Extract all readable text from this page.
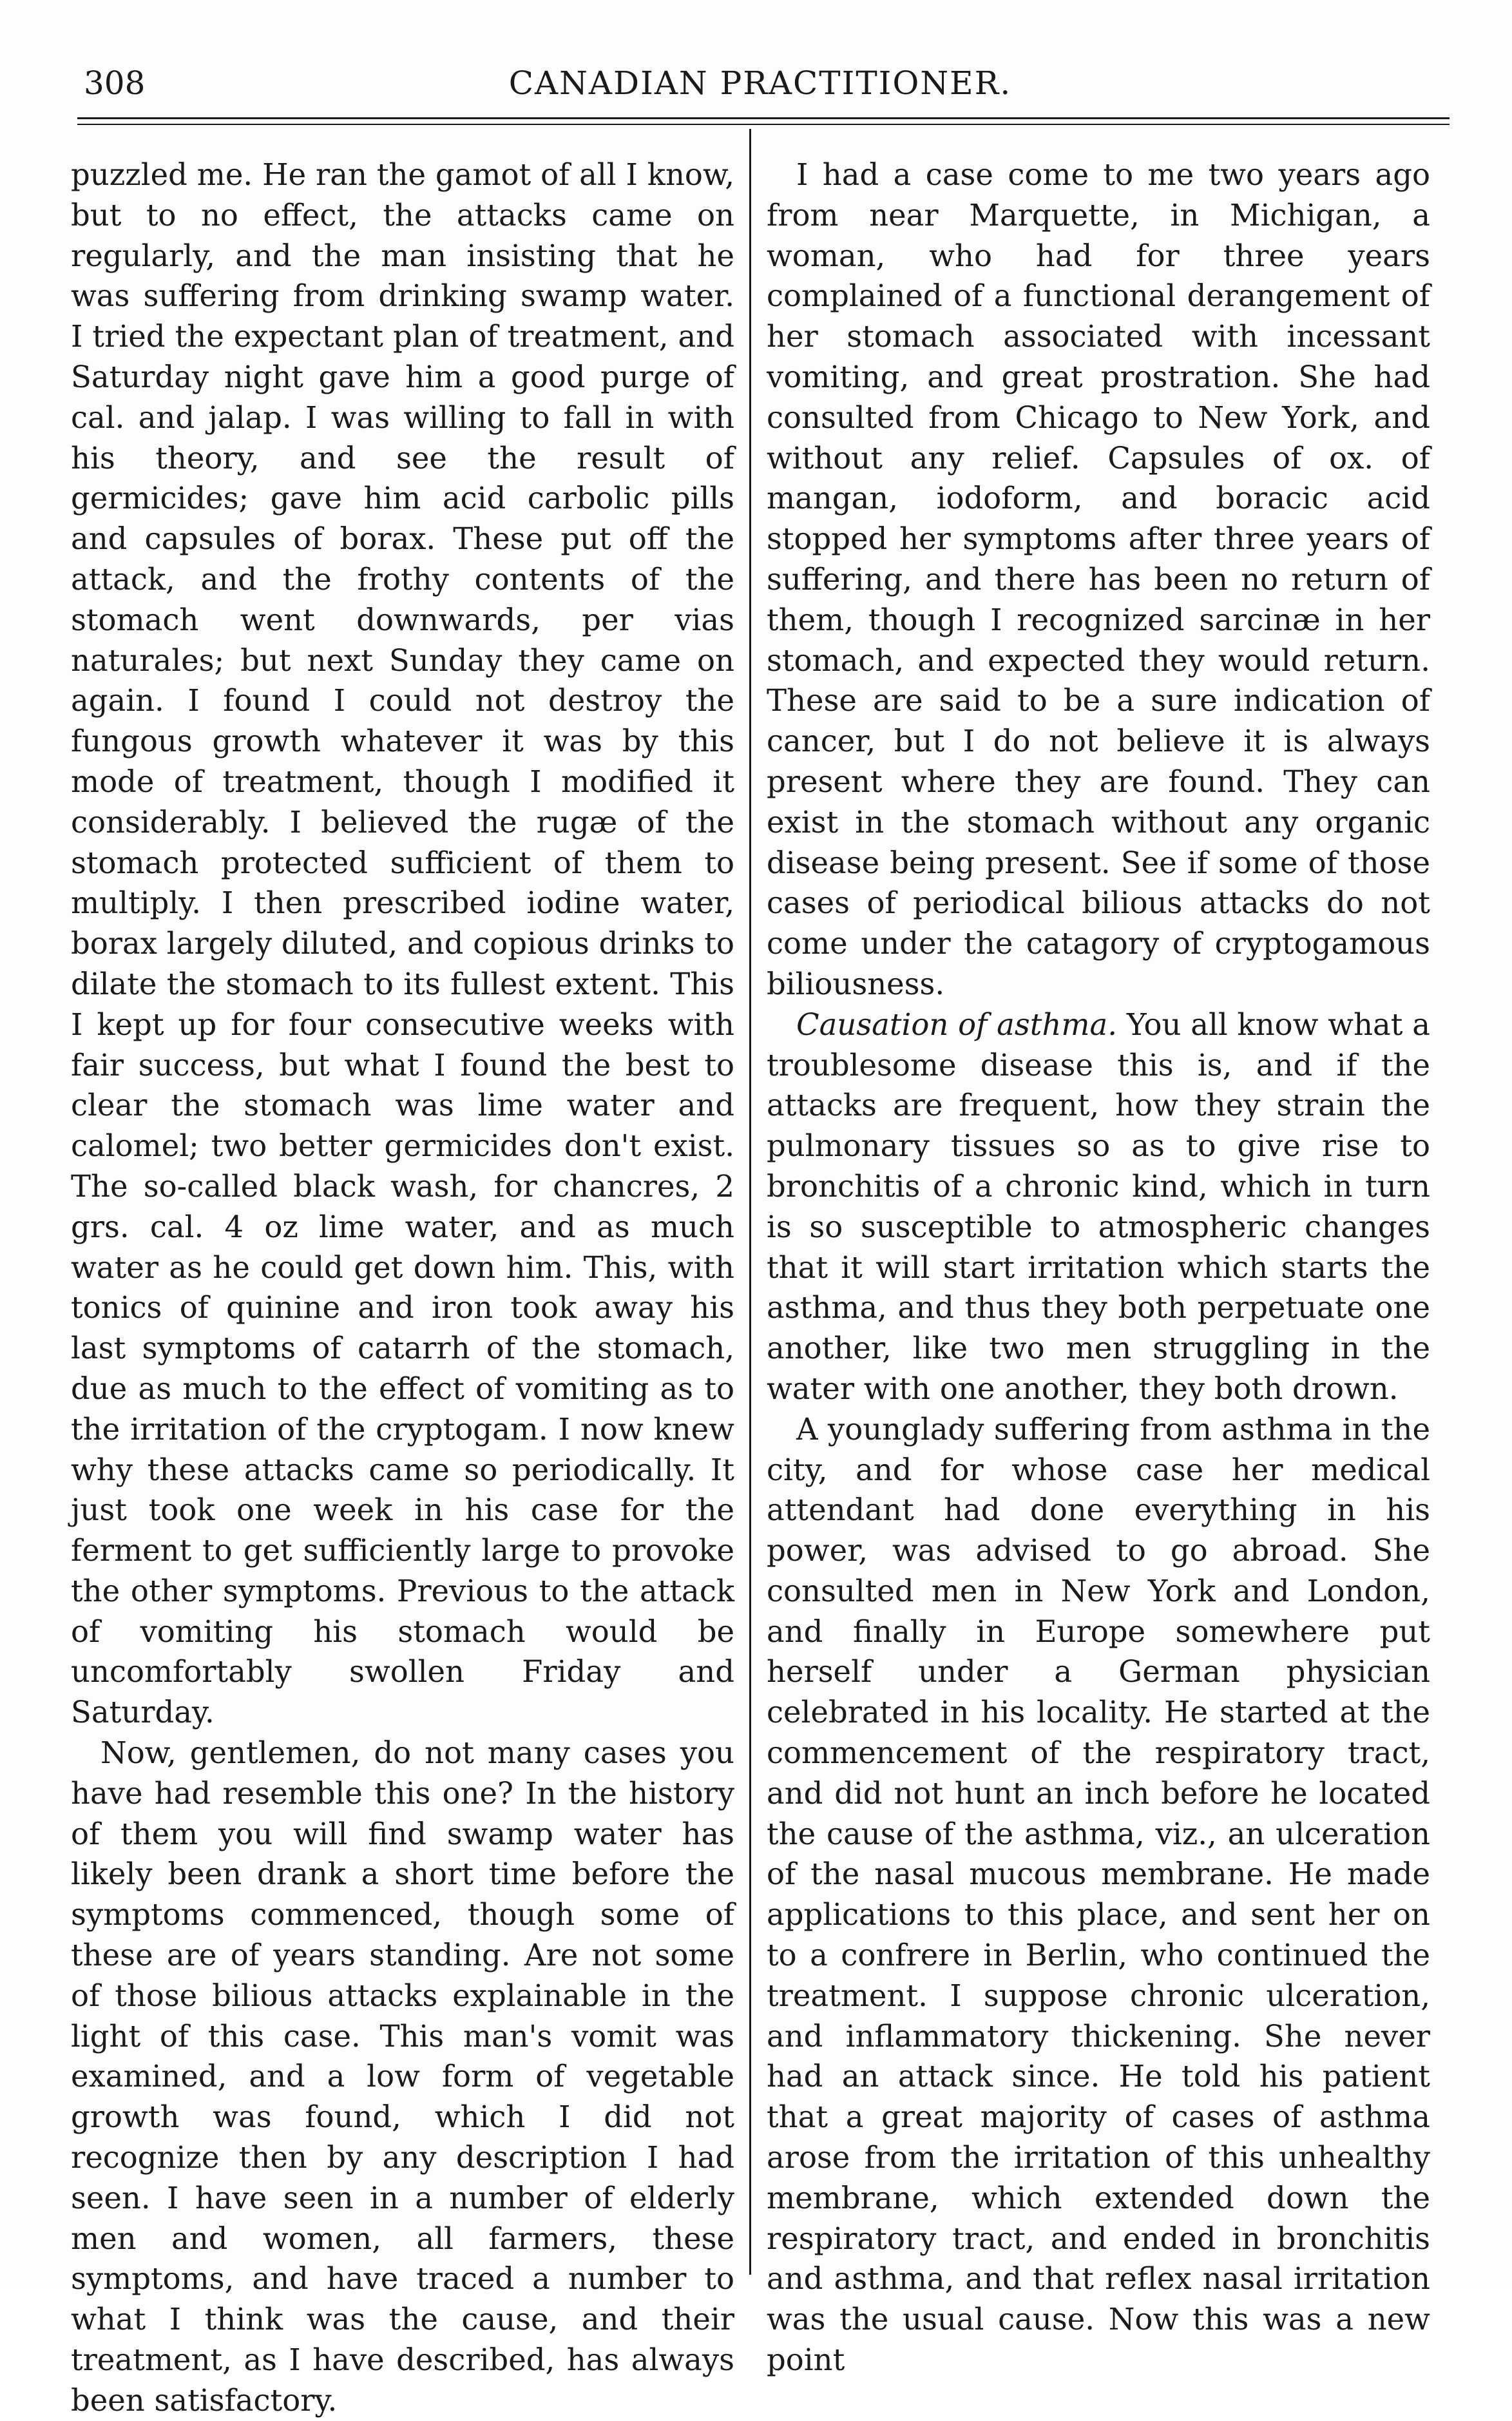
308	CANADIAN PRACTITIONER.

puzzled me. He ran the gamot of all I know, but to no effect, the attacks came on regularly, and the man insisting that he was suffering from drinking swamp water. I tried the expectant plan of treatment, and Saturday night gave him a good purge of cal. and jalap. I was willing to fall in with his theory, and see the result of germicides; gave him acid carbolic pills and capsules of borax. These put off the attack, and the frothy contents of the stomach went downwards, per vias naturales; but next Sunday they came on again. I found I could not destroy the fungous growth whatever it was by this mode of treatment, though I modified it considerably. I believed the rugæ of the stomach protected sufficient of them to multiply. I then prescribed iodine water, borax largely diluted, and copious drinks to dilate the stomach to its fullest extent. This I kept up for four consecutive weeks with fair success, but what I found the best to clear the stomach was lime water and calomel; two better germicides don't exist. The so-called black wash, for chancres, 2 grs. cal. 4 oz lime water, and as much water as he could get down him. This, with tonics of quinine and iron took away his last symptoms of catarrh of the stomach, due as much to the effect of vomiting as to the irritation of the cryptogam. I now knew why these attacks came so periodically. It just took one week in his case for the ferment to get sufficiently large to provoke the other symptoms. Previous to the attack of vomiting his stomach would be uncomfortably swollen Friday and Saturday.

Now, gentlemen, do not many cases you have had resemble this one? In the history of them you will find swamp water has likely been drank a short time before the symptoms commenced, though some of these are of years standing. Are not some of those bilious attacks explainable in the light of this case. This man's vomit was examined, and a low form of vegetable growth was found, which I did not recognize then by any description I had seen. I have seen in a number of elderly men and women, all farmers, these symptoms, and have traced a number to what I think was the cause, and their treatment, as I have described, has always been satisfactory.

I had a case come to me two years ago from near Marquette, in Michigan, a woman, who had for three years complained of a functional derangement of her stomach associated with incessant vomiting, and great prostration. She had consulted from Chicago to New York, and without any relief. Capsules of ox. of mangan, iodoform, and boracic acid stopped her symptoms after three years of suffering, and there has been no return of them, though I recognized sarcinæ in her stomach, and expected they would return. These are said to be a sure indication of cancer, but I do not believe it is always present where they are found. They can exist in the stomach without any organic disease being present. See if some of those cases of periodical bilious attacks do not come under the catagory of cryptogamous biliousness.

Causation of asthma. You all know what a troublesome disease this is, and if the attacks are frequent, how they strain the pulmonary tissues so as to give rise to bronchitis of a chronic kind, which in turn is so susceptible to atmospheric changes that it will start irritation which starts the asthma, and thus they both perpetuate one another, like two men struggling in the water with one another, they both drown.

A younglady suffering from asthma in the city, and for whose case her medical attendant had done everything in his power, was advised to go abroad. She consulted men in New York and London, and finally in Europe somewhere put herself under a German physician celebrated in his locality. He started at the commencement of the respiratory tract, and did not hunt an inch before he located the cause of the asthma, viz., an ulceration of the nasal mucous membrane. He made applications to this place, and sent her on to a confrere in Berlin, who continued the treatment. I suppose chronic ulceration, and inflammatory thickening. She never had an attack since. He told his patient that a great majority of cases of asthma arose from the irritation of this unhealthy membrane, which extended down the respiratory tract, and ended in bronchitis and asthma, and that reflex nasal irritation was the usual cause. Now this was a new point
